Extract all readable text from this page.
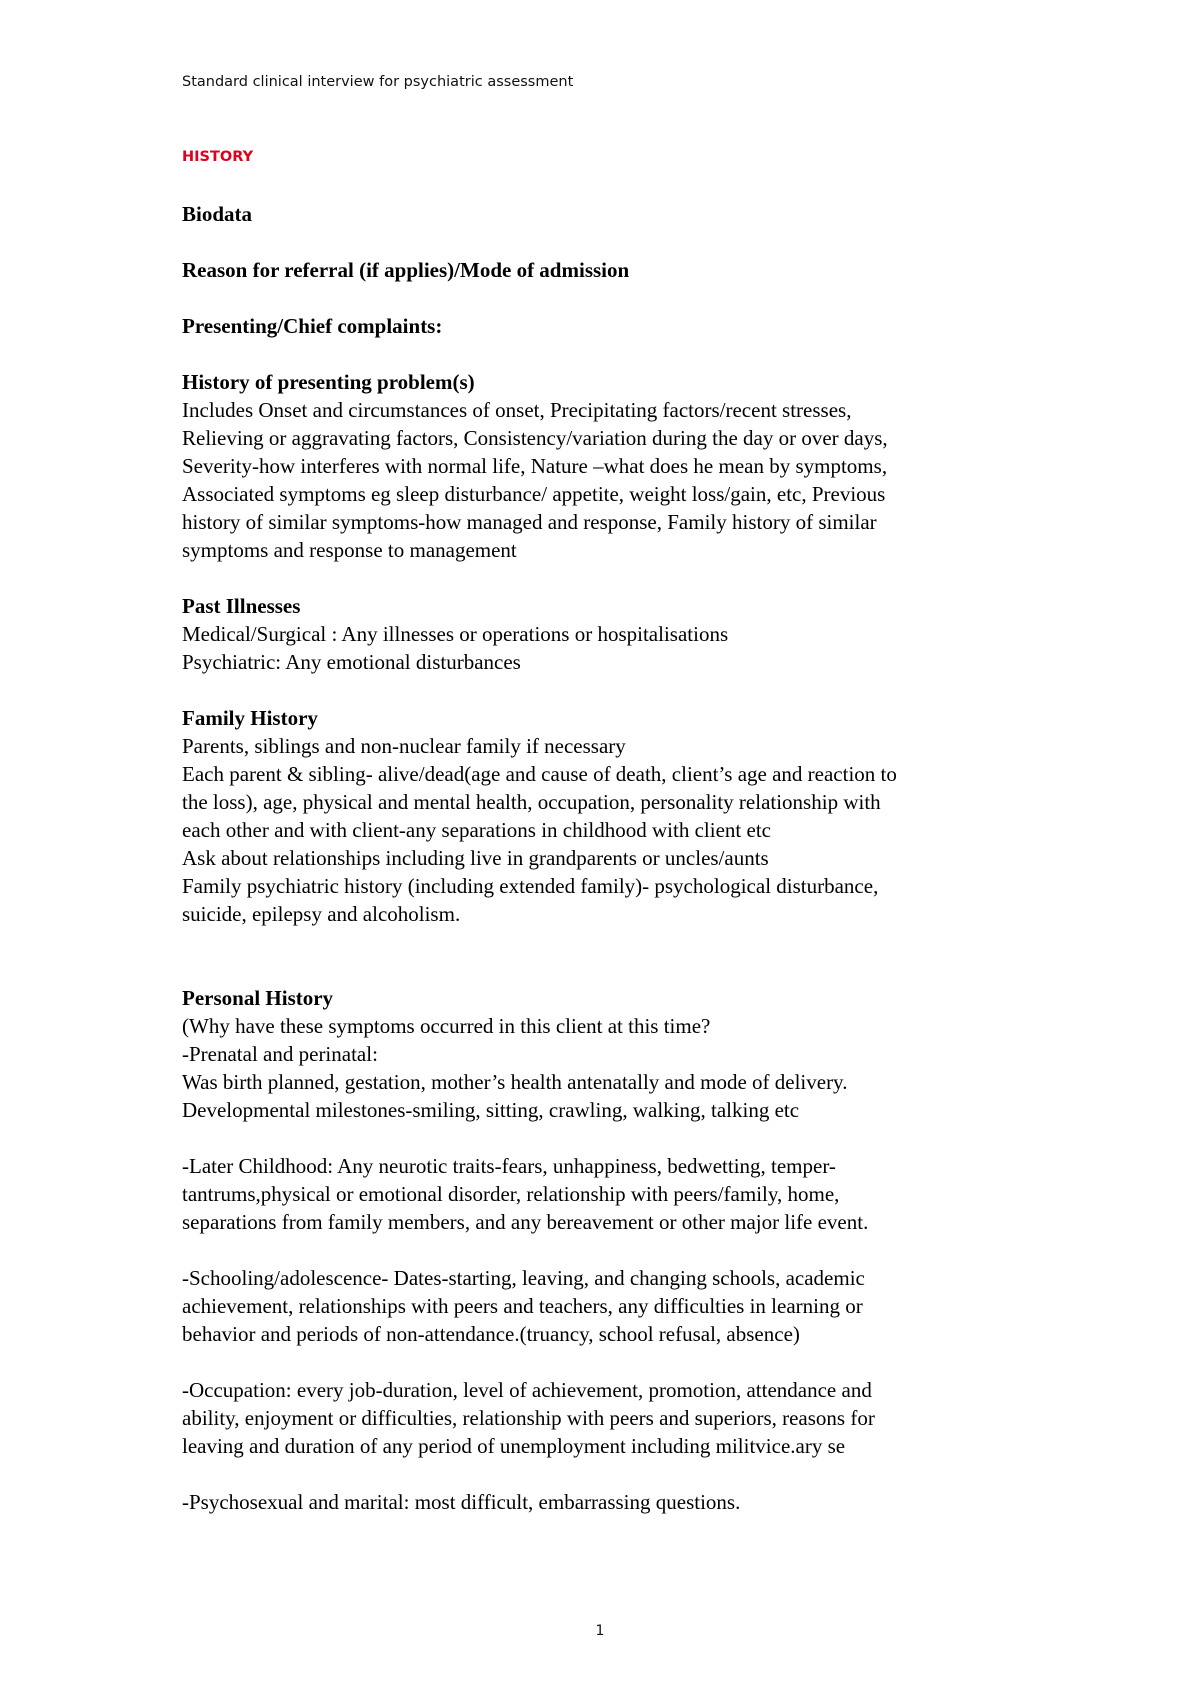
Standard clinical interview for psychiatric assessment
HISTORY

Biodata

Reason for referral (if applies)/Mode of admission

Presenting/Chief complaints:

History of presenting problem(s)

Includes Onset and circumstances of onset, Precipitating factors/recent stresses,

Relieving or aggravating factors, Consistency/variation during the day or over days,

Severity-how interferes with normal life, Nature –what does he mean by symptoms,

Associated symptoms eg sleep disturbance/ appetite, weight loss/gain, etc, Previous

history of similar symptoms-how managed and response, Family history of similar

symptoms and response to management

Past Illnesses

Medical/Surgical : Any illnesses or operations or hospitalisations

Psychiatric: Any emotional disturbances

Family History

Parents, siblings and non-nuclear family if necessary

Each parent & sibling- alive/dead(age and cause of death, client’s age and reaction to

the loss), age, physical and mental health, occupation, personality relationship with

each other and with client-any separations in childhood with client etc

Ask about relationships including live in grandparents or uncles/aunts

Family psychiatric history (including extended family)- psychological disturbance,

suicide, epilepsy and alcoholism.

Personal History

(Why have these symptoms occurred in this client at this time?

-Prenatal and perinatal:

Was birth planned, gestation, mother’s health antenatally and mode of delivery.

Developmental milestones-smiling, sitting, crawling, walking, talking etc

-Later Childhood: Any neurotic traits-fears, unhappiness, bedwetting, temper-

tantrums,physical or emotional disorder, relationship with peers/family, home,

separations from family members, and any bereavement or other major life event.

-Schooling/adolescence- Dates-starting, leaving, and changing schools, academic

achievement, relationships with peers and teachers, any difficulties in learning or

behavior and periods of non-attendance.(truancy, school refusal, absence)

-Occupation: every job-duration, level of achievement, promotion, attendance and

ability, enjoyment or difficulties, relationship with peers and superiors, reasons for

leaving and duration of any period of unemployment including militvice.ary se

-Psychosexual and marital: most difficult, embarrassing questions.

1
